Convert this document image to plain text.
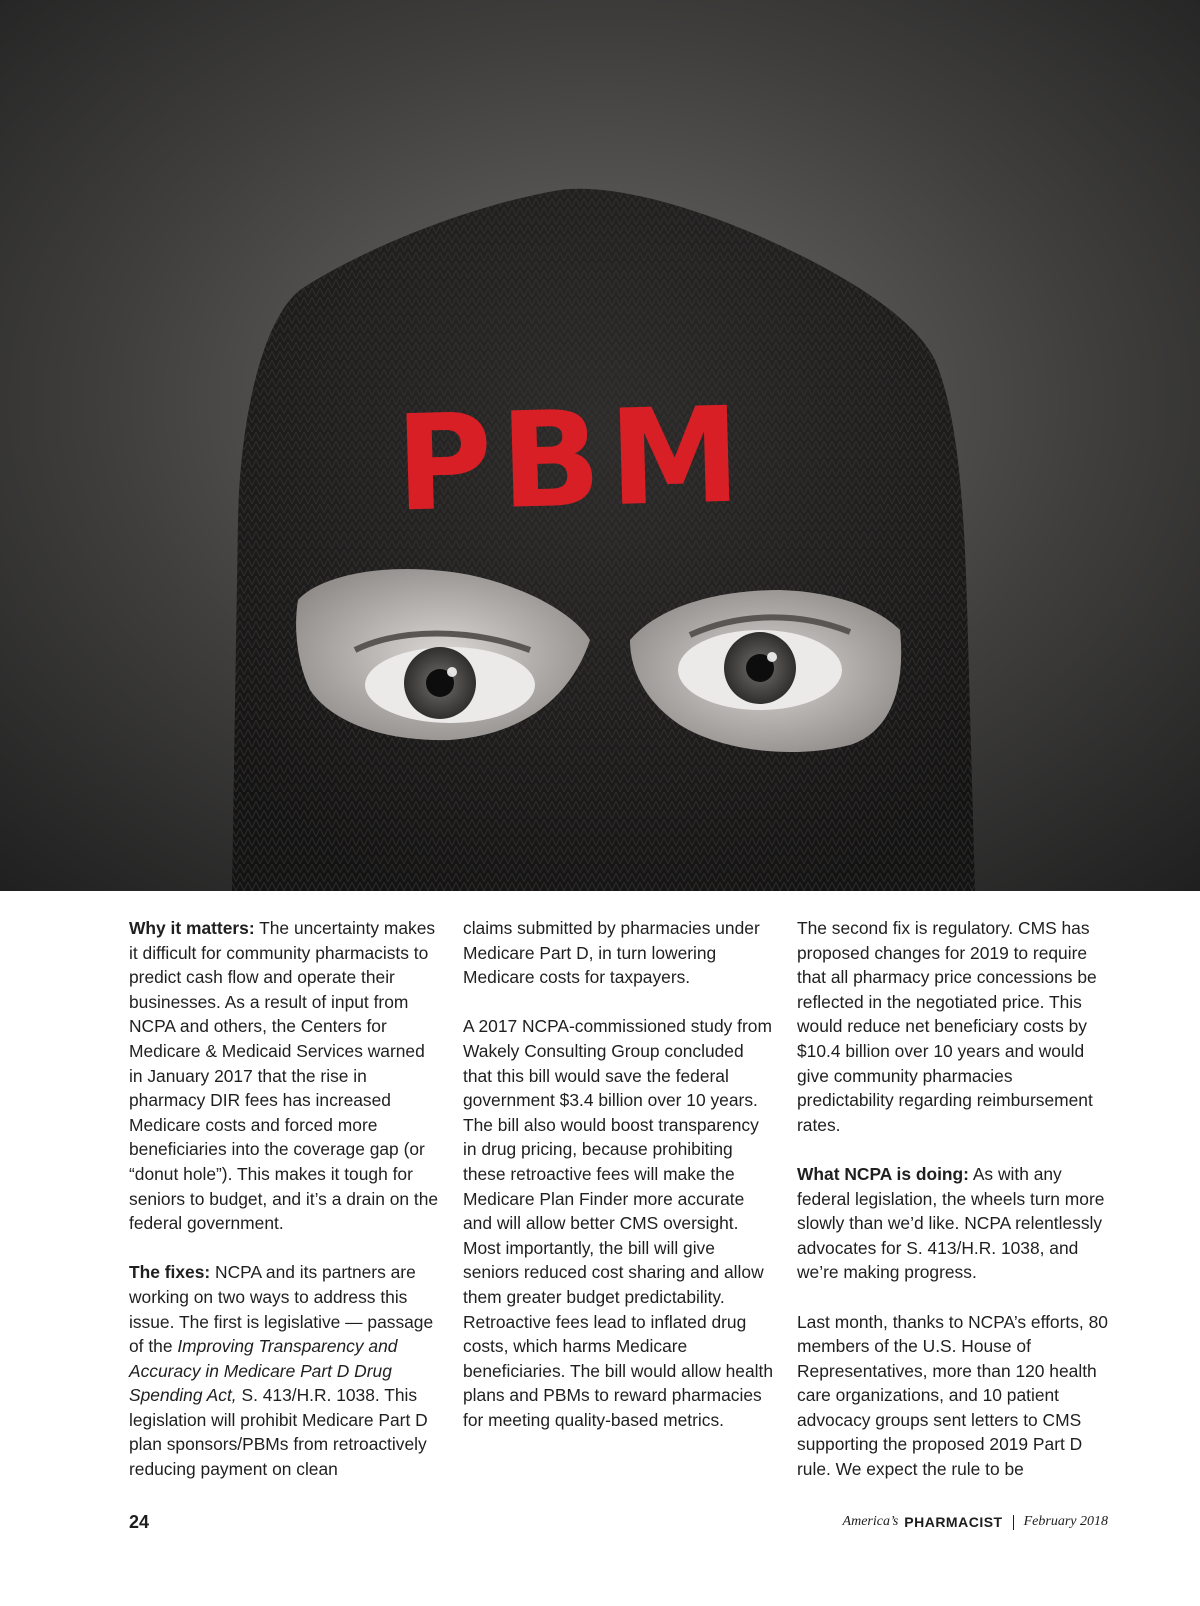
PBM

Why it matters: The uncertainty makes it difficult for community pharmacists to predict cash flow and operate their businesses. As a result of input from NCPA and others, the Centers for Medicare & Medicaid Services warned in January 2017 that the rise in pharmacy DIR fees has increased Medicare costs and forced more beneficiaries into the coverage gap (or “donut hole”). This makes it tough for seniors to budget, and it’s a drain on the federal government.

The fixes: NCPA and its partners are working on two ways to address this issue. The first is legislative — passage of the Improving Transparency and Accuracy in Medicare Part D Drug Spending Act, S. 413/H.R. 1038. This legislation will prohibit Medicare Part D plan sponsors/PBMs from retroactively reducing payment on clean

claims submitted by pharmacies under Medicare Part D, in turn lowering Medicare costs for taxpayers.

A 2017 NCPA-commissioned study from Wakely Consulting Group concluded that this bill would save the federal government $3.4 billion over 10 years. The bill also would boost transparency in drug pricing, because prohibiting these retroactive fees will make the Medicare Plan Finder more accurate and will allow better CMS oversight. Most importantly, the bill will give seniors reduced cost sharing and allow them greater budget predictability. Retroactive fees lead to inflated drug costs, which harms Medicare beneficiaries. The bill would allow health plans and PBMs to reward pharmacies for meeting quality-based metrics.

The second fix is regulatory. CMS has proposed changes for 2019 to require that all pharmacy price concessions be reflected in the negotiated price. This would reduce net beneficiary costs by $10.4 billion over 10 years and would give community pharmacies predictability regarding reimbursement rates.

What NCPA is doing: As with any federal legislation, the wheels turn more slowly than we’d like. NCPA relentlessly advocates for S. 413/H.R. 1038, and we’re making progress.

Last month, thanks to NCPA’s efforts, 80 members of the U.S. House of Representatives, more than 120 health care organizations, and 10 patient advocacy groups sent letters to CMS supporting the proposed 2019 Part D rule. We expect the rule to be

24	America’s PHARMACIST February 2018
